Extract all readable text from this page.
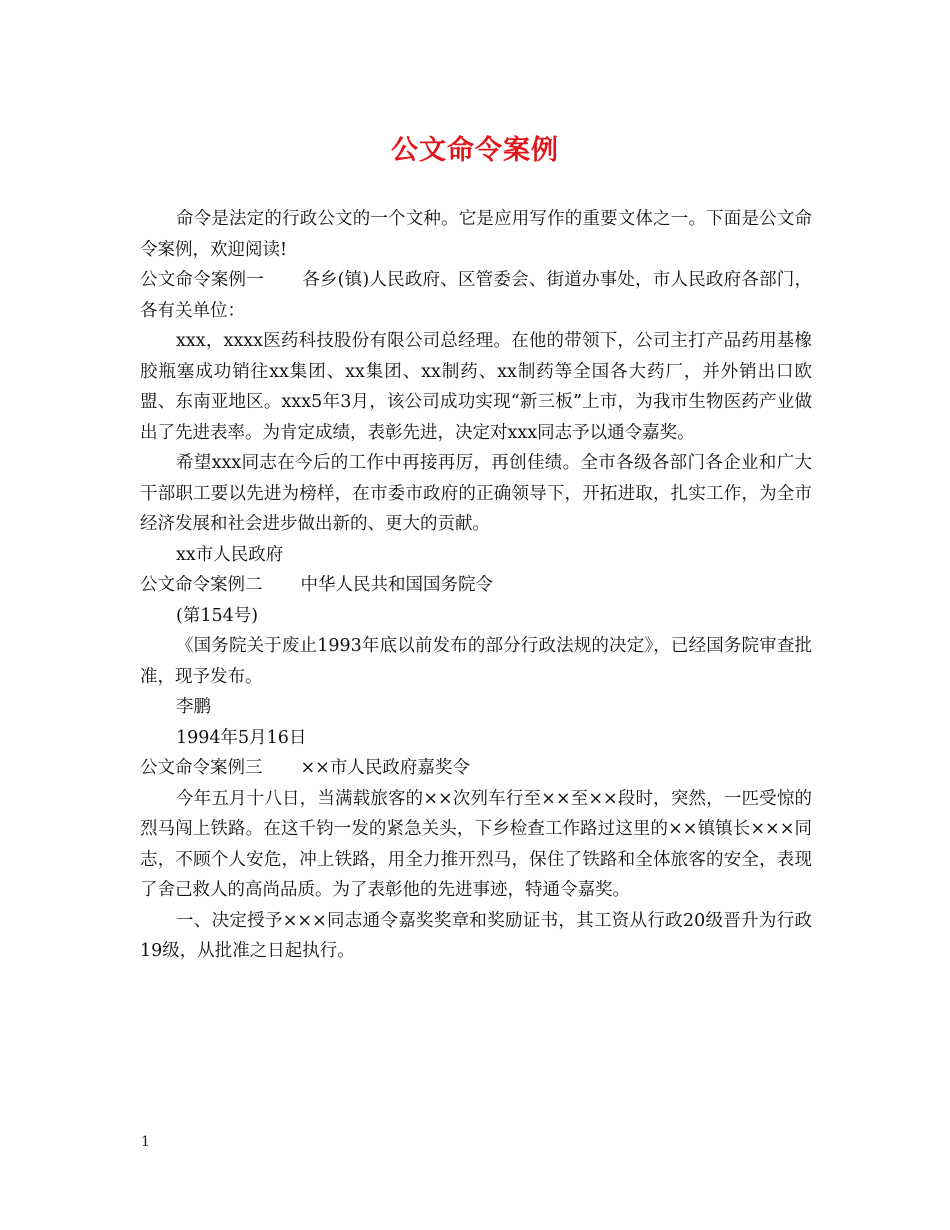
公文命令案例

命令是法定的行政公文的一个文种。它是应用写作的重要文体之一。下面是公文命令案例，欢迎阅读!

公文命令案例一 各乡(镇)人民政府、区管委会、街道办事处，市人民政府各部门，各有关单位：

xxx，xxxx医药科技股份有限公司总经理。在他的带领下，公司主打产品药用基橡胶瓶塞成功销往xx集团、xx集团、xx制药、xx制药等全国各大药厂，并外销出口欧盟、东南亚地区。xxx5年3月，该公司成功实现“新三板”上市，为我市生物医药产业做出了先进表率。为肯定成绩，表彰先进，决定对xxx同志予以通令嘉奖。

希望xxx同志在今后的工作中再接再厉，再创佳绩。全市各级各部门各企业和广大干部职工要以先进为榜样，在市委市政府的正确领导下，开拓进取，扎实工作，为全市经济发展和社会进步做出新的、更大的贡献。

xx市人民政府

公文命令案例二 中华人民共和国国务院令

(第154号)

《国务院关于废止1993年底以前发布的部分行政法规的决定》，已经国务院审查批准，现予发布。

李鹏

1994年5月16日

公文命令案例三 ××市人民政府嘉奖令

今年五月十八日，当满载旅客的××次列车行至××至××段时，突然，一匹受惊的烈马闯上铁路。在这千钧一发的紧急关头，下乡检查工作路过这里的××镇镇长×××同志，不顾个人安危，冲上铁路，用全力推开烈马，保住了铁路和全体旅客的安全，表现了舍己救人的高尚品质。为了表彰他的先进事迹，特通令嘉奖。

一、决定授予×××同志通令嘉奖奖章和奖励证书，其工资从行政20级晋升为行政19级，从批准之日起执行。

1
